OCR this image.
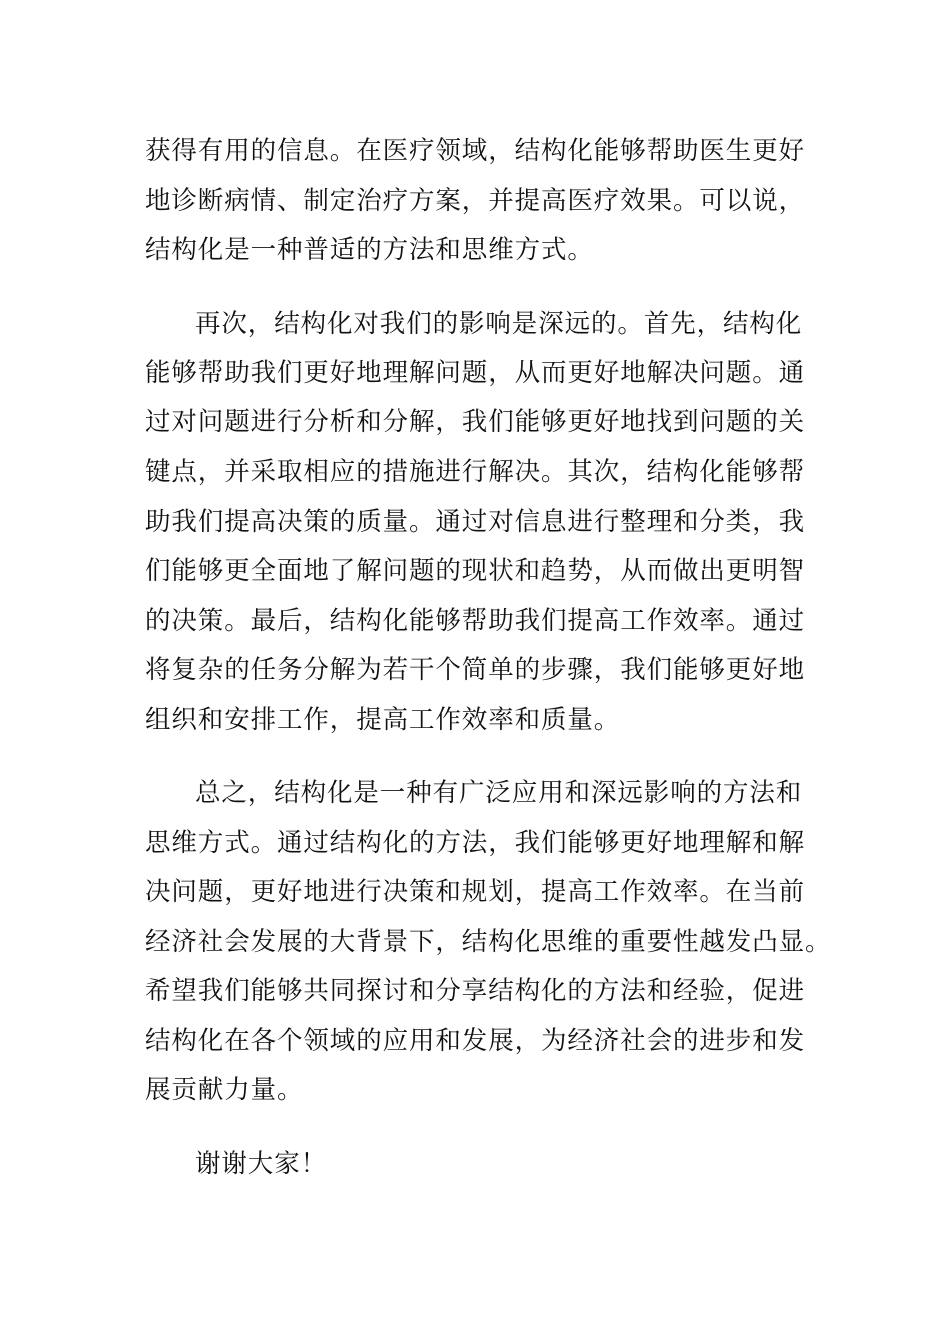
获得有用的信息。在医疗领域，结构化能够帮助医生更好
地诊断病情、制定治疗方案，并提高医疗效果。可以说，
结构化是一种普适的方法和思维方式。
再次，结构化对我们的影响是深远的。首先，结构化
能够帮助我们更好地理解问题，从而更好地解决问题。通
过对问题进行分析和分解，我们能够更好地找到问题的关
键点，并采取相应的措施进行解决。其次，结构化能够帮
助我们提高决策的质量。通过对信息进行整理和分类，我
们能够更全面地了解问题的现状和趋势，从而做出更明智
的决策。最后，结构化能够帮助我们提高工作效率。通过
将复杂的任务分解为若干个简单的步骤，我们能够更好地
组织和安排工作，提高工作效率和质量。
总之，结构化是一种有广泛应用和深远影响的方法和
思维方式。通过结构化的方法，我们能够更好地理解和解
决问题，更好地进行决策和规划，提高工作效率。在当前
经济社会发展的大背景下，结构化思维的重要性越发凸显。
希望我们能够共同探讨和分享结构化的方法和经验，促进
结构化在各个领域的应用和发展，为经济社会的进步和发
展贡献力量。
谢谢大家！
